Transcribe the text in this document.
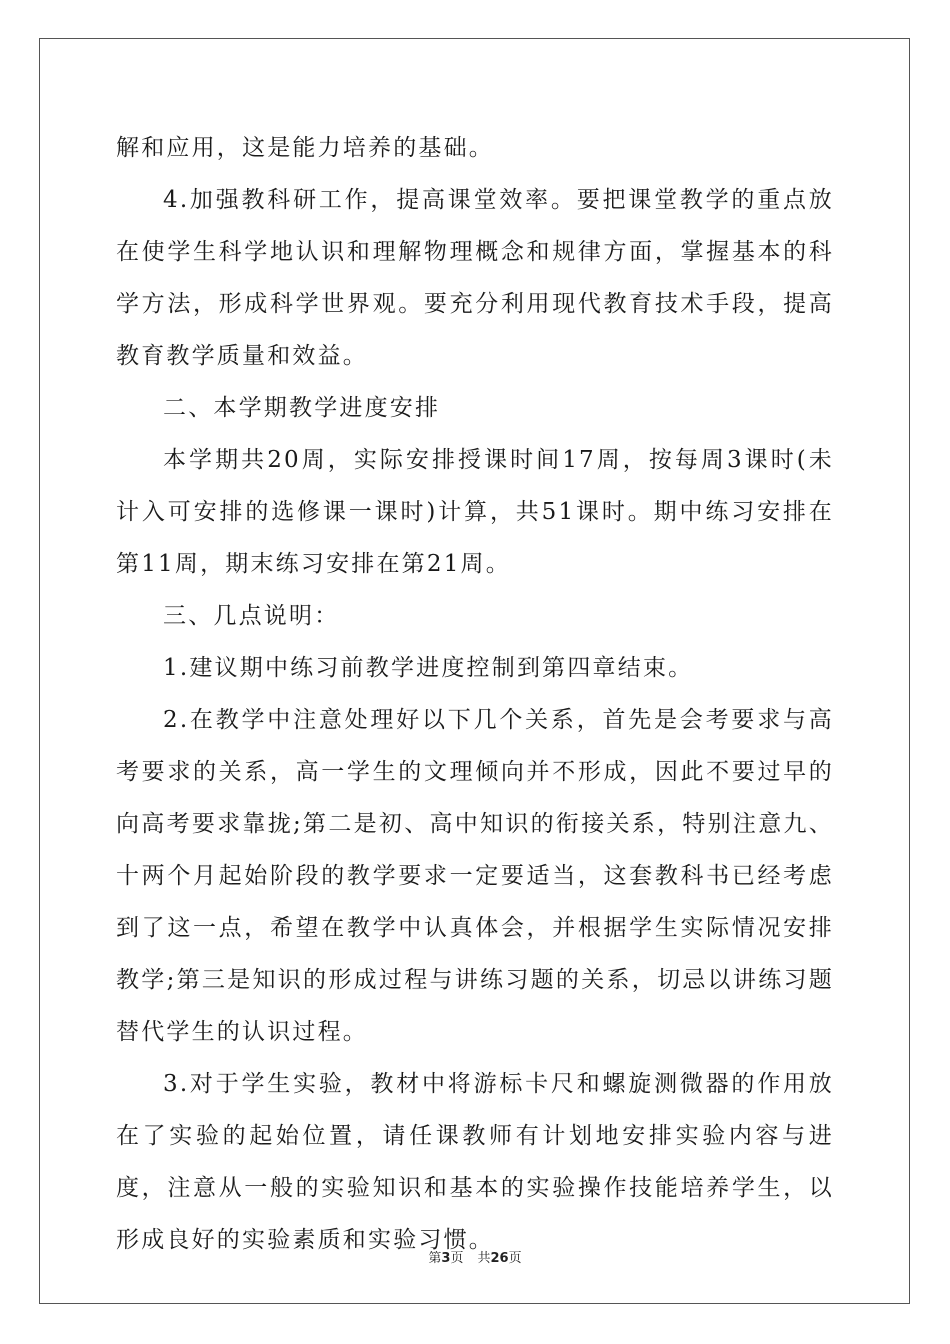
解和应用，这是能力培养的基础。

4.加强教科研工作，提高课堂效率。要把课堂教学的重点放在使学生科学地认识和理解物理概念和规律方面，掌握基本的科学方法，形成科学世界观。要充分利用现代教育技术手段，提高教育教学质量和效益。

二、本学期教学进度安排

本学期共20周，实际安排授课时间17周，按每周3课时(未计入可安排的选修课一课时)计算，共51课时。期中练习安排在第11周，期末练习安排在第21周。

三、几点说明：

1.建议期中练习前教学进度控制到第四章结束。

2.在教学中注意处理好以下几个关系，首先是会考要求与高考要求的关系，高一学生的文理倾向并不形成，因此不要过早的向高考要求靠拢;第二是初、高中知识的衔接关系，特别注意九、十两个月起始阶段的教学要求一定要适当，这套教科书已经考虑到了这一点，希望在教学中认真体会，并根据学生实际情况安排教学;第三是知识的形成过程与讲练习题的关系，切忌以讲练习题替代学生的认识过程。

3.对于学生实验，教材中将游标卡尺和螺旋测微器的作用放在了实验的起始位置，请任课教师有计划地安排实验内容与进度，注意从一般的实验知识和基本的实验操作技能培养学生，以形成良好的实验素质和实验习惯。

第3页 共26页
